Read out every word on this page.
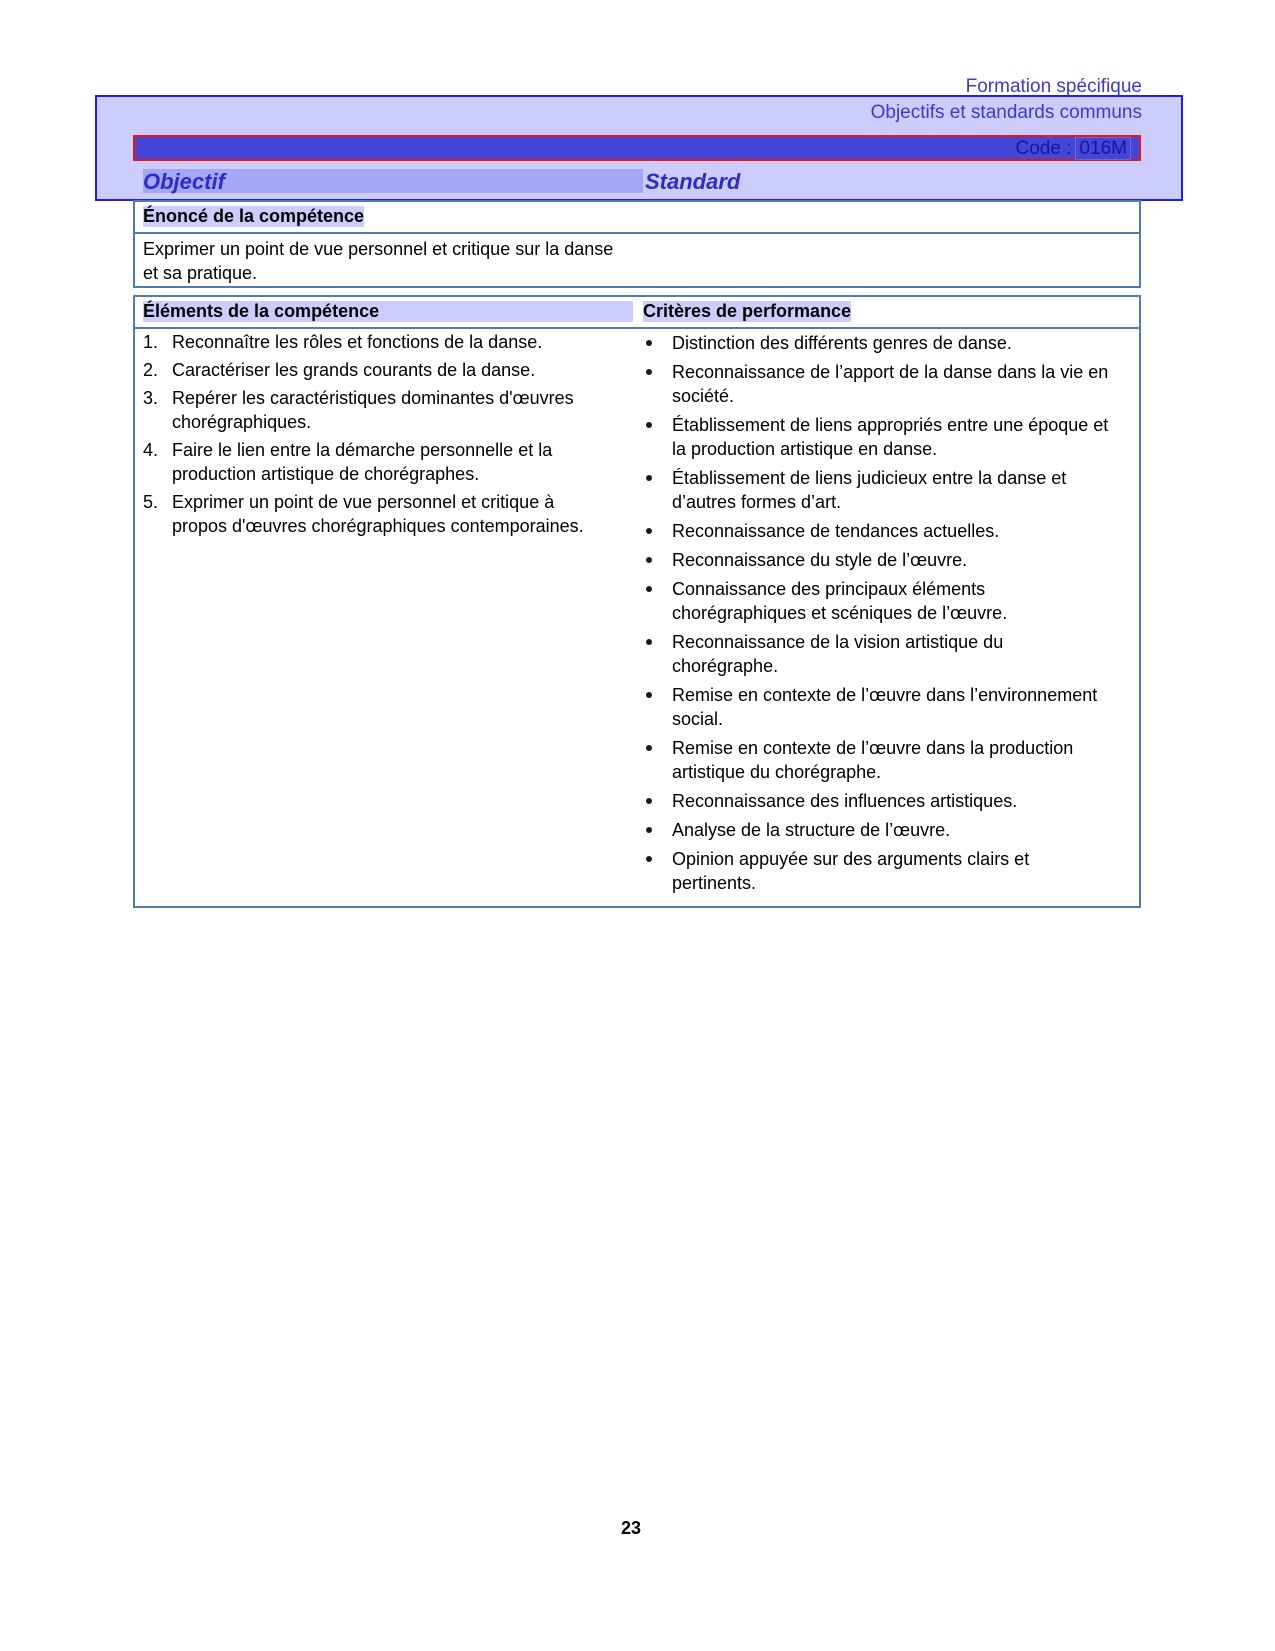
Formation spécifique
Objectifs et standards communs
Code : 016M
Objectif	Standard
Énoncé de la compétence
Exprimer un point de vue personnel et critique sur la danse et sa pratique.
Éléments de la compétence	Critères de performance
1. Reconnaître les rôles et fonctions de la danse.
2. Caractériser les grands courants de la danse.
3. Repérer les caractéristiques dominantes d'œuvres chorégraphiques.
4. Faire le lien entre la démarche personnelle et la production artistique de chorégraphes.
5. Exprimer un point de vue personnel et critique à propos d'œuvres chorégraphiques contemporaines.
Distinction des différents genres de danse.
Reconnaissance de l’apport de la danse dans la vie en société.
Établissement de liens appropriés entre une époque et la production artistique en danse.
Établissement de liens judicieux entre la danse et d’autres formes d’art.
Reconnaissance de tendances actuelles.
Reconnaissance du style de l’œuvre.
Connaissance des principaux éléments chorégraphiques et scéniques de l’œuvre.
Reconnaissance de la vision artistique du chorégraphe.
Remise en contexte de l’œuvre dans l’environnement social.
Remise en contexte de l’œuvre dans la production artistique du chorégraphe.
Reconnaissance des influences artistiques.
Analyse de la structure de l’œuvre.
Opinion appuyée sur des arguments clairs et pertinents.
23
